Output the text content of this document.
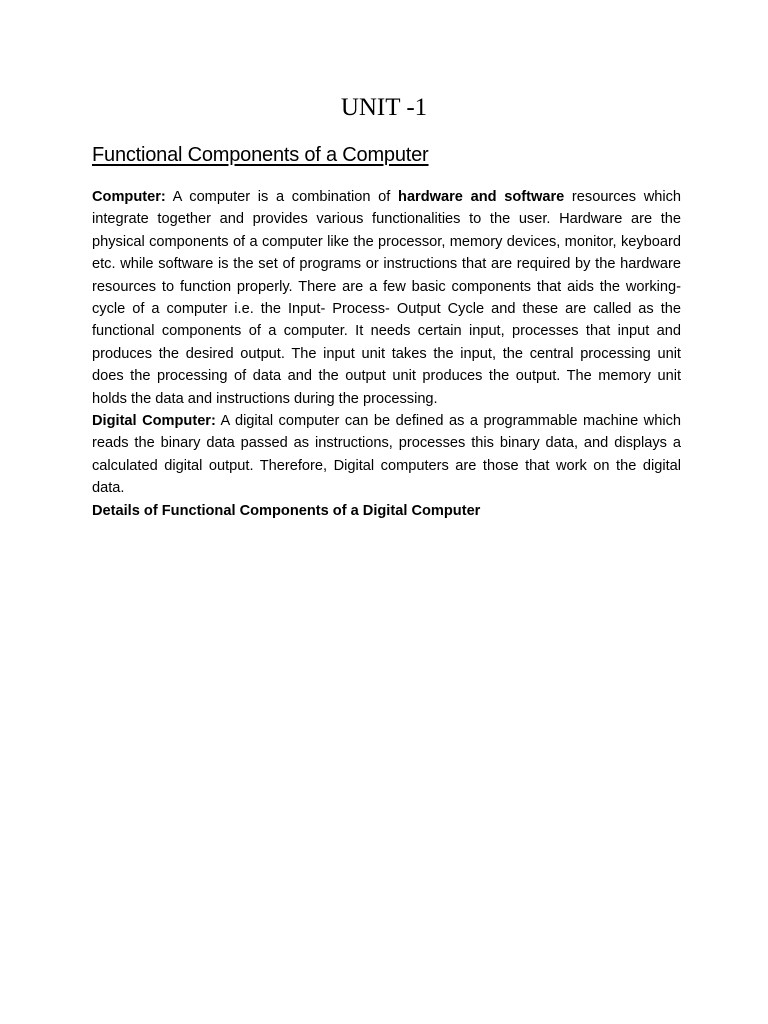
UNIT -1
Functional Components of a Computer

Computer: A computer is a combination of hardware and software resources which integrate together and provides various functionalities to the user. Hardware are the physical components of a computer like the processor, memory devices, monitor, keyboard etc. while software is the set of programs or instructions that are required by the hardware resources to function properly. There are a few basic components that aids the working-cycle of a computer i.e. the Input- Process- Output Cycle and these are called as the functional components of a computer. It needs certain input, processes that input and produces the desired output. The input unit takes the input, the central processing unit does the processing of data and the output unit produces the output. The memory unit holds the data and instructions during the processing.

Digital Computer: A digital computer can be defined as a programmable machine which reads the binary data passed as instructions, processes this binary data, and displays a calculated digital output. Therefore, Digital computers are those that work on the digital data.

Details of Functional Components of a Digital Computer
